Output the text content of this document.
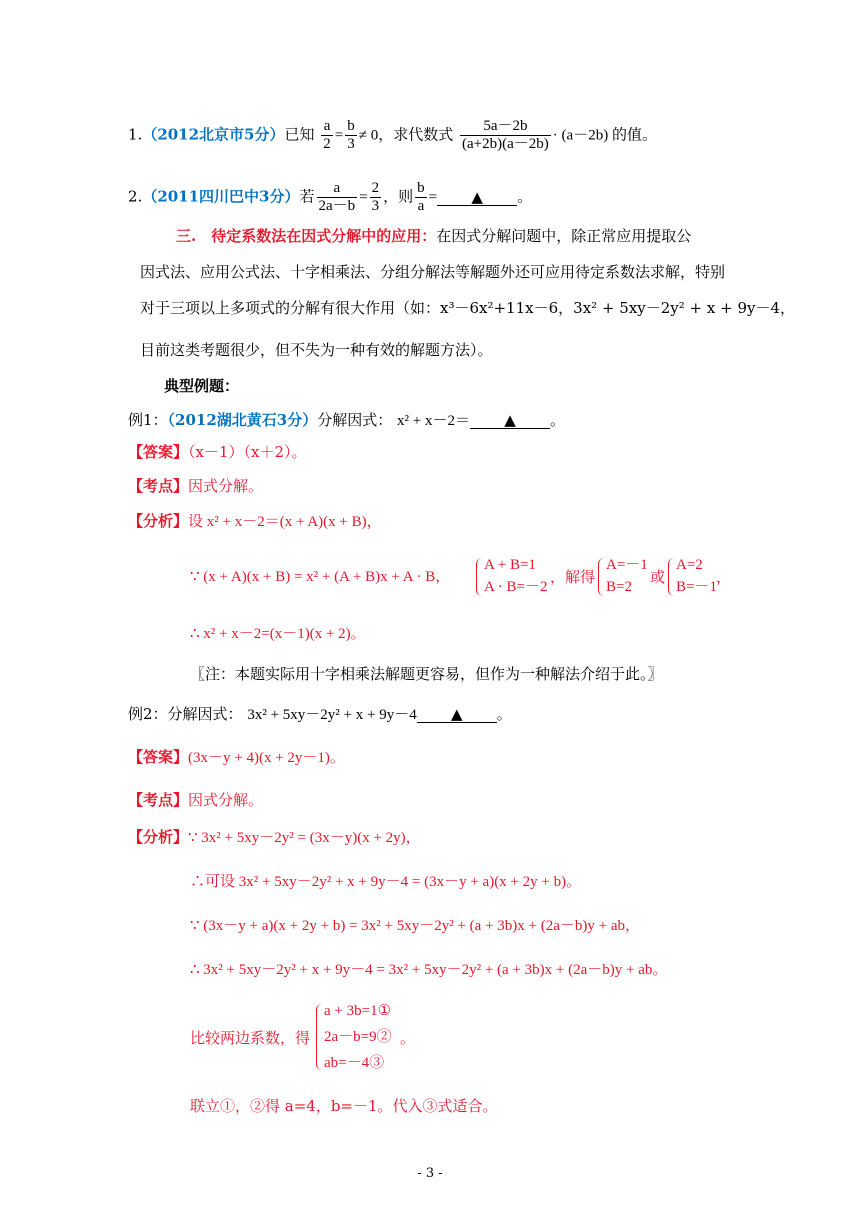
1.（2012北京市5分）已知 $\frac{a}{2} = \frac{b}{3} \ne 0$，求代数式 $\frac{5a-2b}{(a+2b)(a-2b)} \cdot (a-2b)$ 的值。
2.（2011四川巴中3分）若 $\frac{a}{2a-b} = \frac{2}{3}$ ，则 $\frac{b}{a}$ = ▲ 。
三.　待定系数法在因式分解中的应用：在因式分解问题中，除正常应用提取公
因式法、应用公式法、十字相乘法、分组分解法等解题外还可应用待定系数法求解，特别
对于三项以上多项式的分解有很大作用（如：x³－6x²+11x－6，3x² + 5xy－2y² + x + 9y－4，
目前这类考题很少，但不失为一种有效的解题方法）。
典型例题：
例1：（2012湖北黄石3分）分解因式： x² + x－2＝ ▲ 。
【答案】（x－1）（x＋2）。
【考点】因式分解。
【分析】设 x² + x－2＝(x + A)(x + B)，
∵ (x + A)(x + B) = x² + (A + B)x + A · B，
A + B=1
A · B=－2
，解得
A=－1
B=2
或
A=2
B=－1
，
∴ x² + x－2=(x－1)(x + 2)。
〖注：本题实际用十字相乘法解题更容易，但作为一种解法介绍于此。〗
例2：分解因式： 3x² + 5xy－2y² + x + 9y－4 ▲ 。
【答案】(3x－y + 4)(x + 2y－1)。
【考点】因式分解。
【分析】∵ 3x² + 5xy－2y² = (3x－y)(x + 2y)，
∴可设 3x² + 5xy－2y² + x + 9y－4 = (3x－y + a)(x + 2y + b)。
∵ (3x－y + a)(x + 2y + b) = 3x² + 5xy－2y² + (a + 3b)x + (2a－b)y + ab，
∴ 3x² + 5xy－2y² + x + 9y－4 = 3x² + 5xy－2y² + (a + 3b)x + (2a－b)y + ab。
比较两边系数，得
a + 3b=1①
2a－b=9②
ab=－4③
。
联立①，②得 a=4，b=－1。代入③式适合。
- 3 -
